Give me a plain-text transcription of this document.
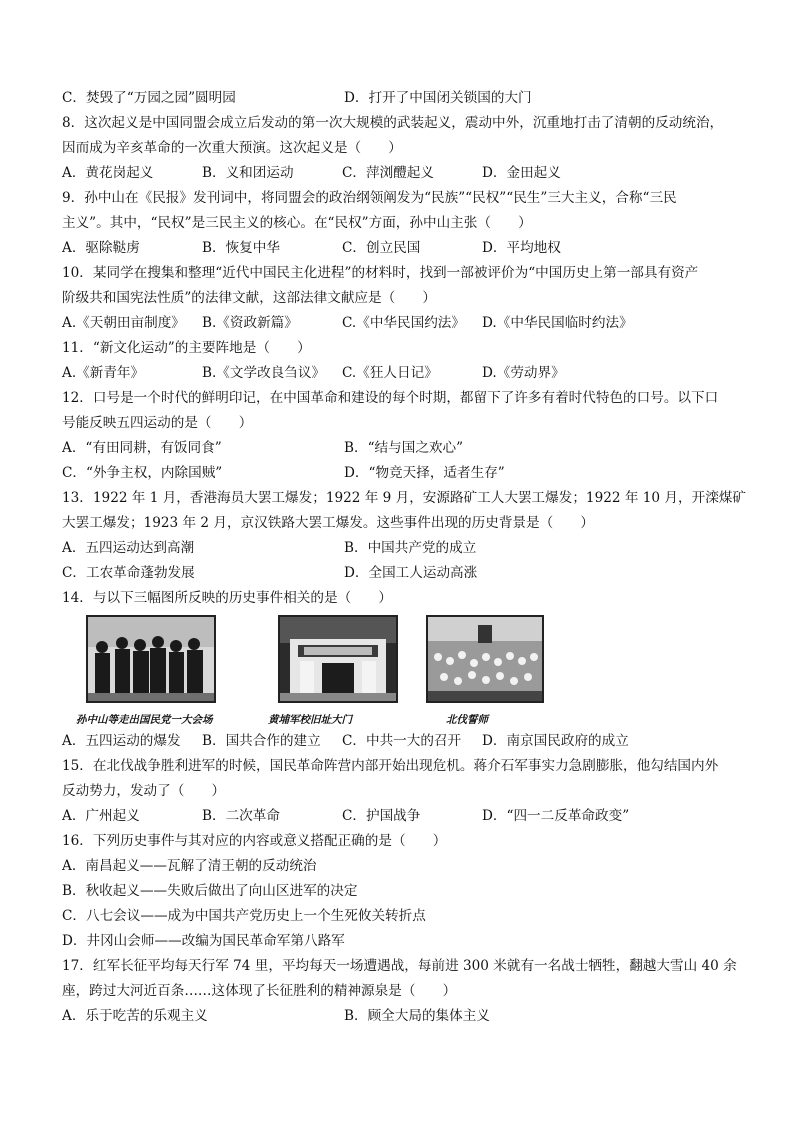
C．焚毁了“万园之园”圆明园	D．打开了中国闭关锁国的大门
8．这次起义是中国同盟会成立后发动的第一次大规模的武装起义，震动中外，沉重地打击了清朝的反动统治，
因而成为辛亥革命的一次重大预演。这次起义是（　　）
A．黄花岗起义	B．义和团运动	C．萍浏醴起义	D．金田起义
9．孙中山在《民报》发刊词中，将同盟会的政治纲领阐发为“民族”“民权”“民生”三大主义，合称“三民
主义”。其中，“民权”是三民主义的核心。在“民权”方面，孙中山主张（　　）
A．驱除鞑虏	B．恢复中华	C．创立民国	D．平均地权
10．某同学在搜集和整理“近代中国民主化进程”的材料时，找到一部被评价为“中国历史上第一部具有资产
阶级共和国宪法性质”的法律文献，这部法律文献应是（　　）
A.《天朝田亩制度》	B.《资政新篇》	C.《中华民国约法》	D.《中华民国临时约法》
11．“新文化运动”的主要阵地是（　　）
A.《新青年》	B.《文学改良刍议》	C.《狂人日记》	D.《劳动界》
12．口号是一个时代的鲜明印记，在中国革命和建设的每个时期，都留下了许多有着时代特色的口号。以下口
号能反映五四运动的是（　　）
A．“有田同耕，有饭同食”	B．“结与国之欢心”
C．“外争主权，内除国贼”	D．“物竞天择，适者生存”
13．1922 年 1 月，香港海员大罢工爆发；1922 年 9 月，安源路矿工人大罢工爆发；1922 年 10 月，开滦煤矿
大罢工爆发；1923 年 2 月，京汉铁路大罢工爆发。这些事件出现的历史背景是（　　）
A．五四运动达到高潮	B．中国共产党的成立
C．工农革命蓬勃发展	D．全国工人运动高涨
14．与以下三幅图所反映的历史事件相关的是（　　）
孙中山等走出国民党一大会场	黄埔军校旧址大门	北伐誓师
A．五四运动的爆发	B．国共合作的建立	C．中共一大的召开	D．南京国民政府的成立
15．在北伐战争胜利进军的时候，国民革命阵营内部开始出现危机。蒋介石军事实力急剧膨胀，他勾结国内外
反动势力，发动了（　　）
A．广州起义	B．二次革命	C．护国战争	D．“四一二反革命政变”
16．下列历史事件与其对应的内容或意义搭配正确的是（　　）
A．南昌起义——瓦解了清王朝的反动统治
B．秋收起义——失败后做出了向山区进军的决定
C．八七会议——成为中国共产党历史上一个生死攸关转折点
D．井冈山会师——改编为国民革命军第八路军
17．红军长征平均每天行军 74 里，平均每天一场遭遇战，每前进 300 米就有一名战士牺牲，翻越大雪山 40 余
座，跨过大河近百条……这体现了长征胜利的精神源泉是（　　）
A．乐于吃苦的乐观主义	B．顾全大局的集体主义
